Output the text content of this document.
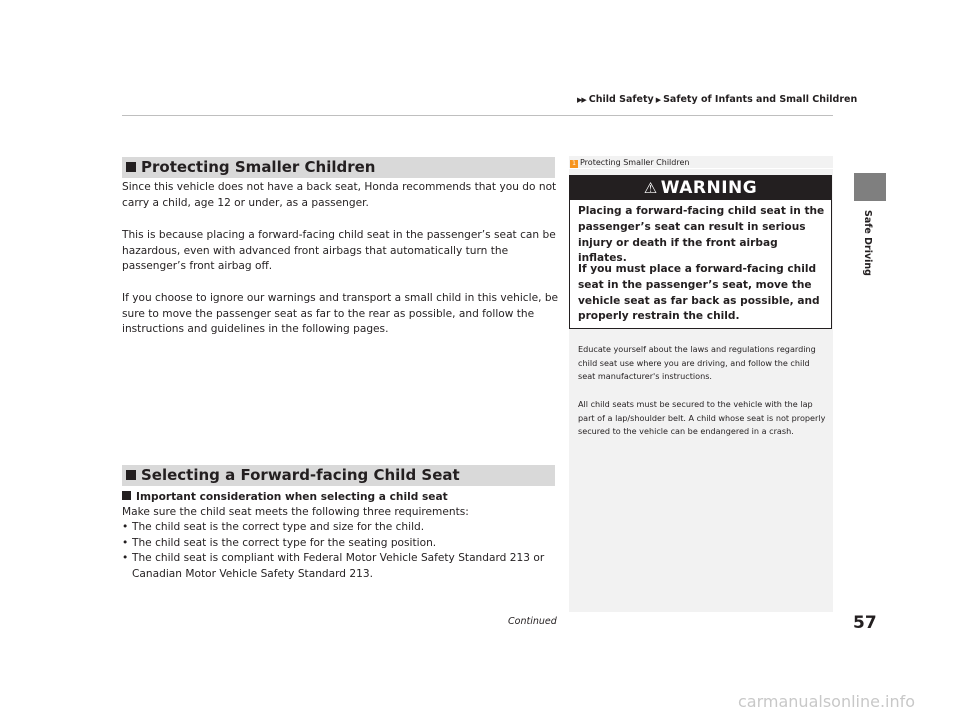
▶▶ Child Safety ▶ Safety of Infants and Small Children
Safe Driving
Protecting Smaller Children

Since this vehicle does not have a back seat, Honda recommends that you do not carry a child, age 12 or under, as a passenger.

This is because placing a forward-facing child seat in the passenger’s seat can be hazardous, even with advanced front airbags that automatically turn the passenger’s front airbag off.

If you choose to ignore our warnings and transport a small child in this vehicle, be sure to move the passenger seat as far to the rear as possible, and follow the instructions and guidelines in the following pages.

Selecting a Forward-facing Child Seat
Important consideration when selecting a child seat

Make sure the child seat meets the following three requirements:

• The child seat is the correct type and size for the child.
• The child seat is the correct type for the seating position.
• The child seat is compliant with Federal Motor Vehicle Safety Standard 213 or Canadian Motor Vehicle Safety Standard 213.
1 Protecting Smaller Children
⚠ WARNING

Placing a forward-facing child seat in the passenger’s seat can result in serious injury or death if the front airbag inflates.

If you must place a forward-facing child seat in the passenger’s seat, move the vehicle seat as far back as possible, and properly restrain the child.

Educate yourself about the laws and regulations regarding child seat use where you are driving, and follow the child seat manufacturer's instructions.

All child seats must be secured to the vehicle with the lap part of a lap/shoulder belt. A child whose seat is not properly secured to the vehicle can be endangered in a crash.

Continued	57
carmanualsonline.info
